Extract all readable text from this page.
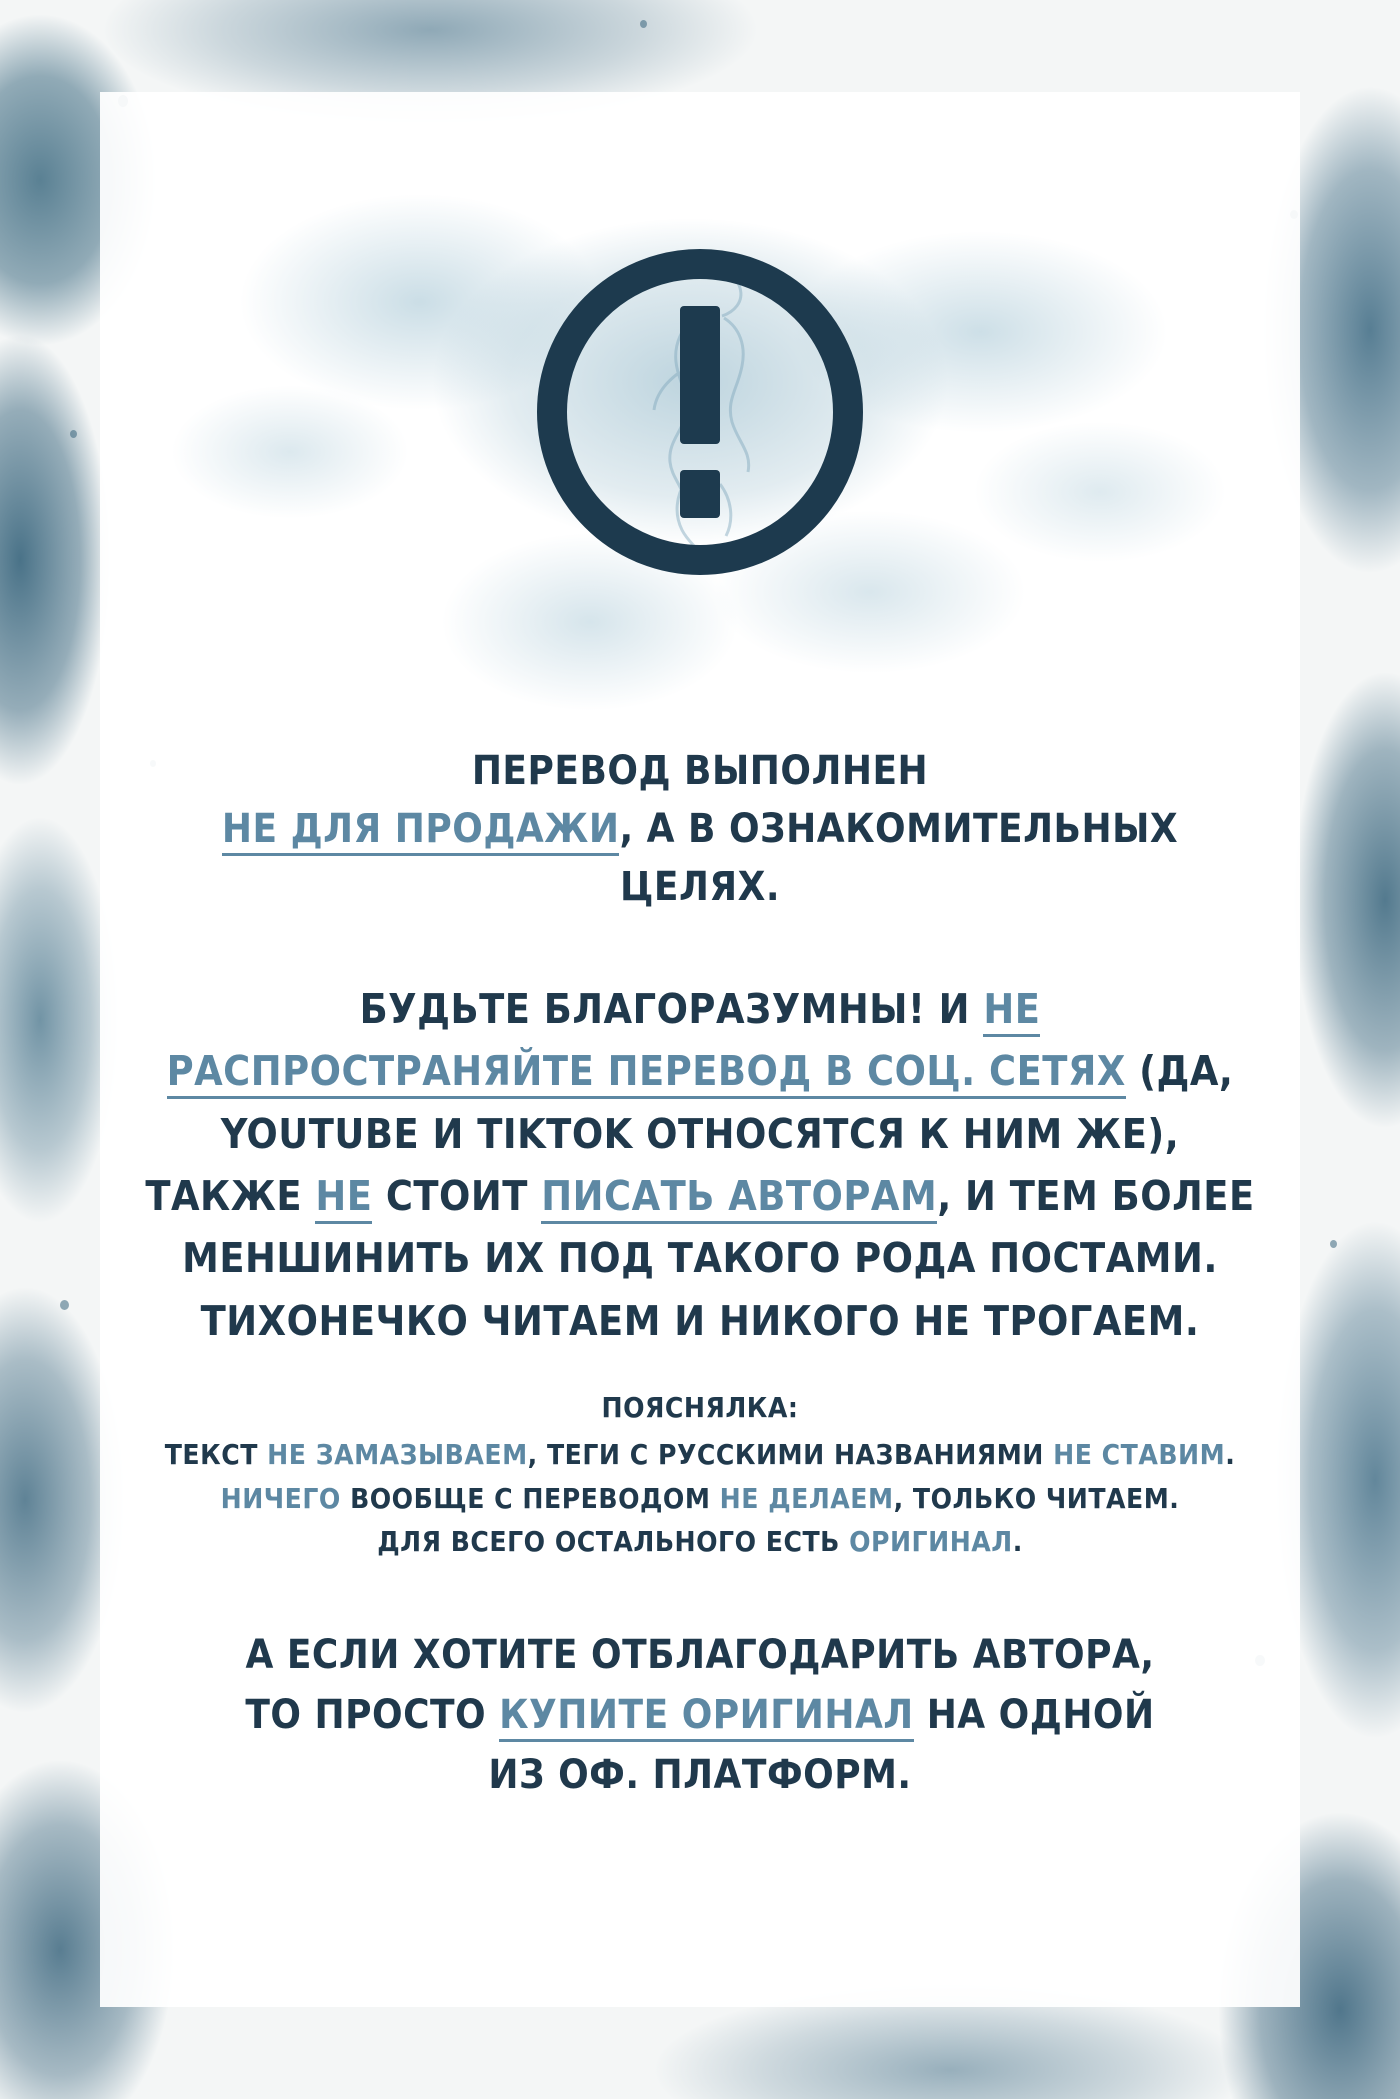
ПЕРЕВОД ВЫПОЛНЕН
НЕ ДЛЯ ПРОДАЖИ, А В ОЗНАКОМИТЕЛЬНЫХ ЦЕЛЯХ.
БУДЬТЕ БЛАГОРАЗУМНЫ! И НЕ РАСПРОСТРАНЯЙТЕ ПЕРЕВОД В СОЦ. СЕТЯХ (ДА, YOUTUBE И TIKTOK ОТНОСЯТСЯ К НИМ ЖЕ), ТАКЖЕ НЕ СТОИТ ПИСАТЬ АВТОРАМ, И ТЕМ БОЛЕЕ МЕНШИНИТЬ ИХ ПОД ТАКОГО РОДА ПОСТАМИ. ТИХОНЕЧКО ЧИТАЕМ И НИКОГО НЕ ТРОГАЕМ.
ПОЯСНЯЛКА:
ТЕКСТ НЕ ЗАМАЗЫВАЕМ, ТЕГИ С РУССКИМИ НАЗВАНИЯМИ НЕ СТАВИМ.
НИЧЕГО ВООБЩЕ С ПЕРЕВОДОМ НЕ ДЕЛАЕМ, ТОЛЬКО ЧИТАЕМ.
ДЛЯ ВСЕГО ОСТАЛЬНОГО ЕСТЬ ОРИГИНАЛ.
А ЕСЛИ ХОТИТЕ ОТБЛАГОДАРИТЬ АВТОРА,
ТО ПРОСТО КУПИТЕ ОРИГИНАЛ НА ОДНОЙ
ИЗ ОФ. ПЛАТФОРМ.
